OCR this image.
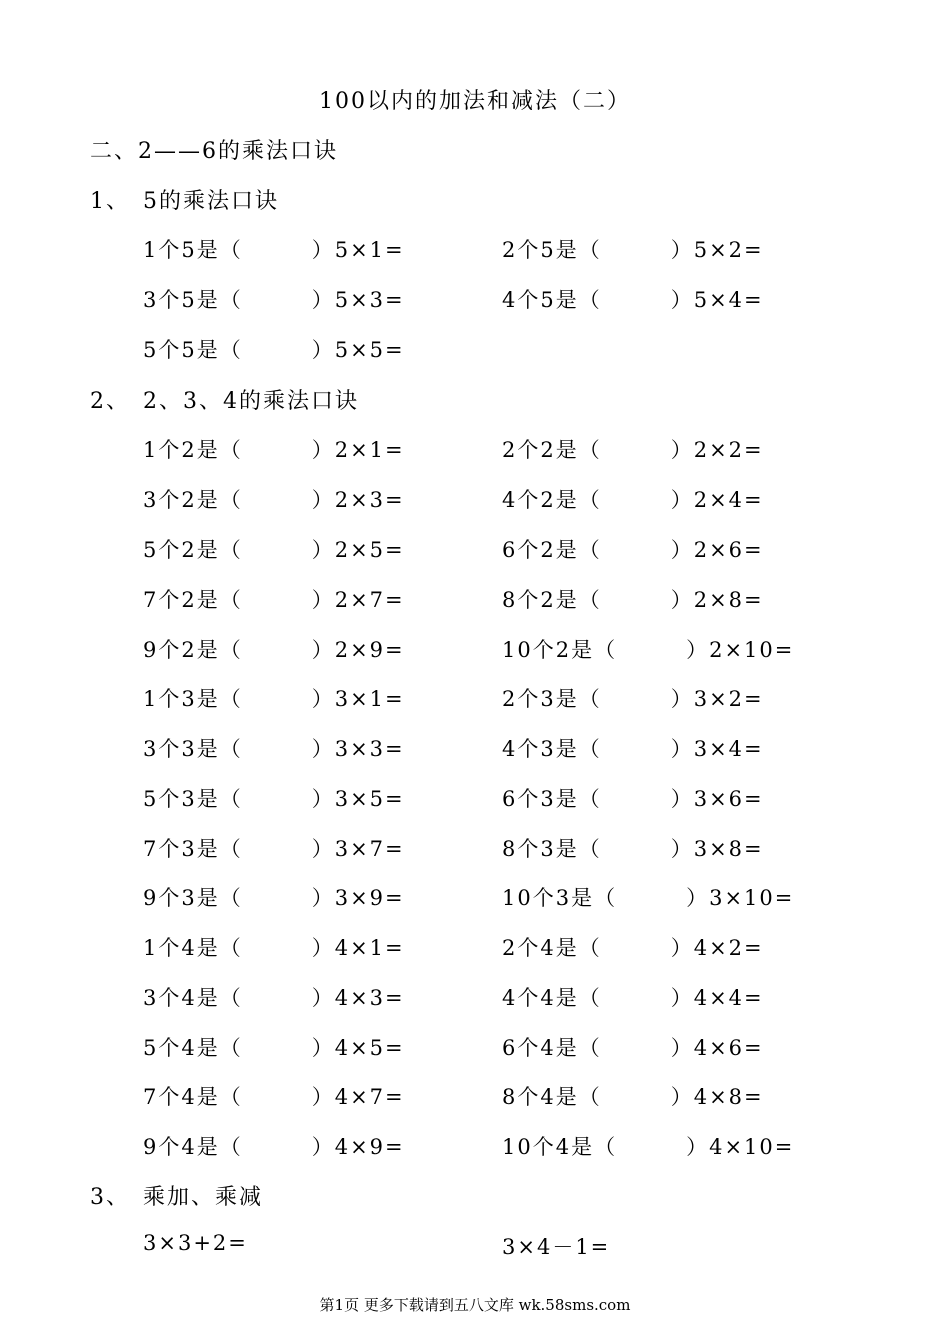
100以内的加法和减法（二）
二、2——6的乘法口诀
1、 5的乘法口诀
1个5是（　　　）5×1=	2个5是（　　　）5×2=
3个5是（　　　）5×3=	4个5是（　　　）5×4=
5个5是（　　　）5×5=
2、 2、3、4的乘法口诀
1个2是（　　　）2×1=	2个2是（　　　）2×2=
3个2是（　　　）2×3=	4个2是（　　　）2×4=
5个2是（　　　）2×5=	6个2是（　　　）2×6=
7个2是（　　　）2×7=	8个2是（　　　）2×8=
9个2是（　　　）2×9=	10个2是（　　　）2×10=
1个3是（　　　）3×1=	2个3是（　　　）3×2=
3个3是（　　　）3×3=	4个3是（　　　）3×4=
5个3是（　　　）3×5=	6个3是（　　　）3×6=
7个3是（　　　）3×7=	8个3是（　　　）3×8=
9个3是（　　　）3×9=	10个3是（　　　）3×10=
1个4是（　　　）4×1=	2个4是（　　　）4×2=
3个4是（　　　）4×3=	4个4是（　　　）4×4=
5个4是（　　　）4×5=	6个4是（　　　）4×6=
7个4是（　　　）4×7=	8个4是（　　　）4×8=
9个4是（　　　）4×9=	10个4是（　　　）4×10=
3、 乘加、乘减
3×3+2=	3×4－1=
第1页 更多下载请到五八文库 wk.58sms.com
